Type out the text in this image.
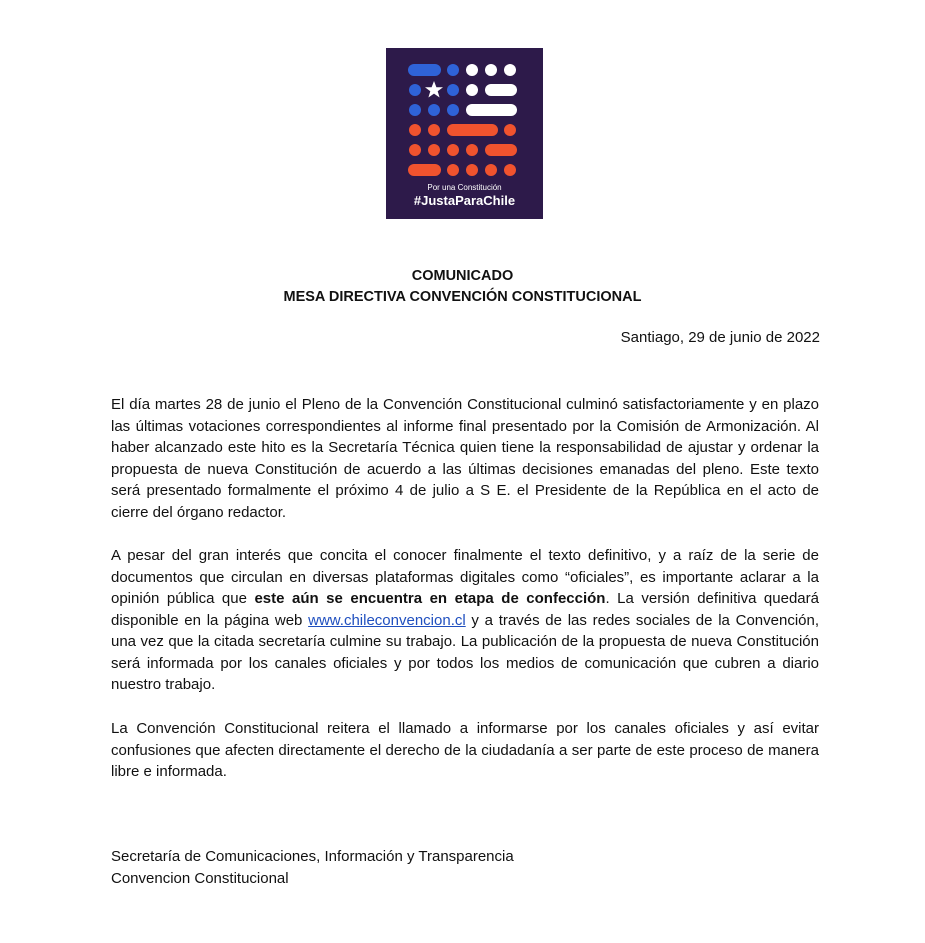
Por una Constitución
#JustaParaChile
COMUNICADO
MESA DIRECTIVA CONVENCIÓN CONSTITUCIONAL
Santiago, 29 de junio de 2022

El día martes 28 de junio el Pleno de la Convención Constitucional culminó satisfactoriamente y en plazo las últimas votaciones correspondientes al informe final presentado por la Comisión de Armonización. Al haber alcanzado este hito es la Secretaría Técnica quien tiene la responsabilidad de ajustar y ordenar la propuesta de nueva Constitución de acuerdo a las últimas decisiones emanadas del pleno. Este texto será presentado formalmente el próximo 4 de julio a S E. el Presidente de la República en el acto de cierre del órgano redactor.

A pesar del gran interés que concita el conocer finalmente el texto definitivo, y a raíz de la serie de documentos que circulan en diversas plataformas digitales como “oficiales”, es importante aclarar a la opinión pública que este aún se encuentra en etapa de confección. La versión definitiva quedará disponible en la página web www.chileconvencion.cl y a través de las redes sociales de la Convención, una vez que la citada secretaría culmine su trabajo. La publicación de la propuesta de nueva Constitución será informada por los canales oficiales y por todos los medios de comunicación que cubren a diario nuestro trabajo.

La Convención Constitucional reitera el llamado a informarse por los canales oficiales y así evitar confusiones que afecten directamente el derecho de la ciudadanía a ser parte de este proceso de manera libre e informada.

Secretaría de Comunicaciones, Información y Transparencia
Convencion Constitucional
